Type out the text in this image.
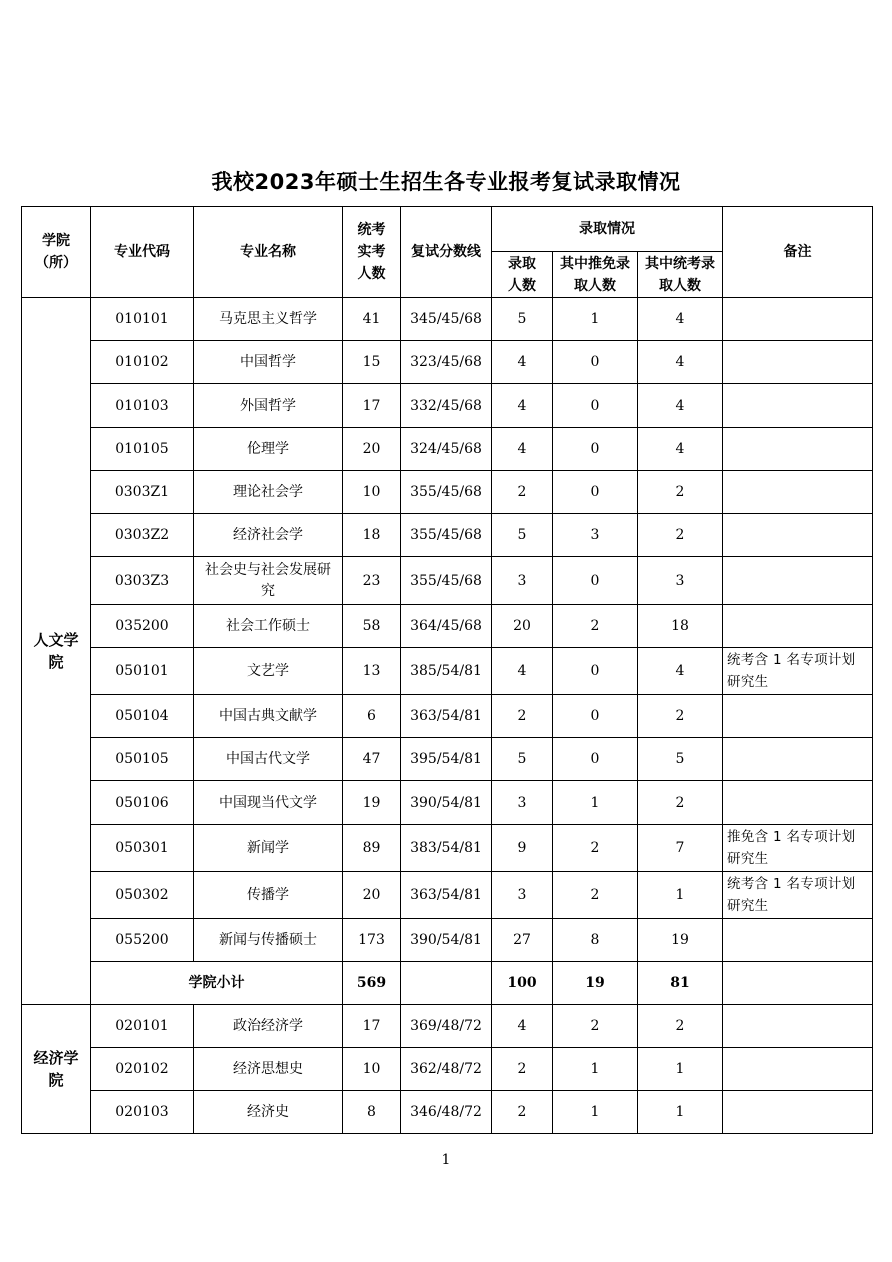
我校2023年硕士生招生各专业报考复试录取情况
学院（所）	专业代码	专业名称	统考实考人数	复试分数线	录取情况			备注

					录取人数	其中推免录取人数	其中统考录取人数	

人文学院	010101	马克思主义哲学	41	345/45/68	5	1	4	
	010102	中国哲学	15	323/45/68	4	0	4	
	010103	外国哲学	17	332/45/68	4	0	4	
	010105	伦理学	20	324/45/68	4	0	4	
	0303Z1	理论社会学	10	355/45/68	2	0	2	
	0303Z2	经济社会学	18	355/45/68	5	3	2	
	0303Z3	社会史与社会发展研究	23	355/45/68	3	0	3	
	035200	社会工作硕士	58	364/45/68	20	2	18	
	050101	文艺学	13	385/54/81	4	0	4	统考含 1 名专项计划研究生
	050104	中国古典文献学	6	363/54/81	2	0	2	
	050105	中国古代文学	47	395/54/81	5	0	5	
	050106	中国现当代文学	19	390/54/81	3	1	2	
	050301	新闻学	89	383/54/81	9	2	7	推免含 1 名专项计划研究生
	050302	传播学	20	363/54/81	3	2	1	统考含 1 名专项计划研究生
	055200	新闻与传播硕士	173	390/54/81	27	8	19	
	学院小计		569		100	19	81	

经济学院	020101	政治经济学	17	369/48/72	4	2	2	
	020102	经济思想史	10	362/48/72	2	1	1	
	020103	经济史	8	346/48/72	2	1	1	
1
